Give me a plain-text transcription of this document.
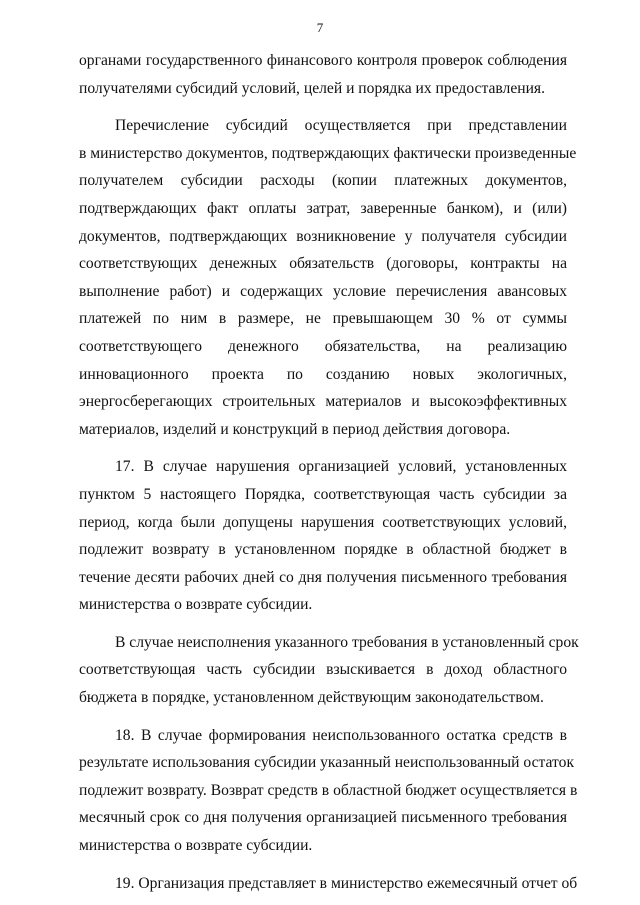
7
органами государственного финансового контроля проверок соблюдения
получателями субсидий условий, целей и порядка их предоставления.
Перечисление субсидий осуществляется при представлении
в министерство документов, подтверждающих фактически произведенные
получателем субсидии расходы (копии платежных документов,
подтверждающих факт оплаты затрат, заверенные банком), и (или)
документов, подтверждающих возникновение у получателя субсидии
соответствующих денежных обязательств (договоры, контракты на
выполнение работ) и содержащих условие перечисления авансовых
платежей по ним в размере, не превышающем 30 % от суммы
соответствующего денежного обязательства, на реализацию
инновационного проекта по созданию новых экологичных,
энергосберегающих строительных материалов и высокоэффективных
материалов, изделий и конструкций в период действия договора.
17. В случае нарушения организацией условий, установленных
пунктом 5 настоящего Порядка, соответствующая часть субсидии за
период, когда были допущены нарушения соответствующих условий,
подлежит возврату в установленном порядке в областной бюджет в
течение десяти рабочих дней со дня получения письменного требования
министерства о возврате субсидии.
В случае неисполнения указанного требования в установленный срок
соответствующая часть субсидии взыскивается в доход областного
бюджета в порядке, установленном действующим законодательством.
18. В случае формирования неиспользованного остатка средств в
результате использования субсидии указанный неиспользованный остаток
подлежит возврату. Возврат средств в областной бюджет осуществляется в
месячный срок со дня получения организацией письменного требования
министерства о возврате субсидии.
19. Организация представляет в министерство ежемесячный отчет об
